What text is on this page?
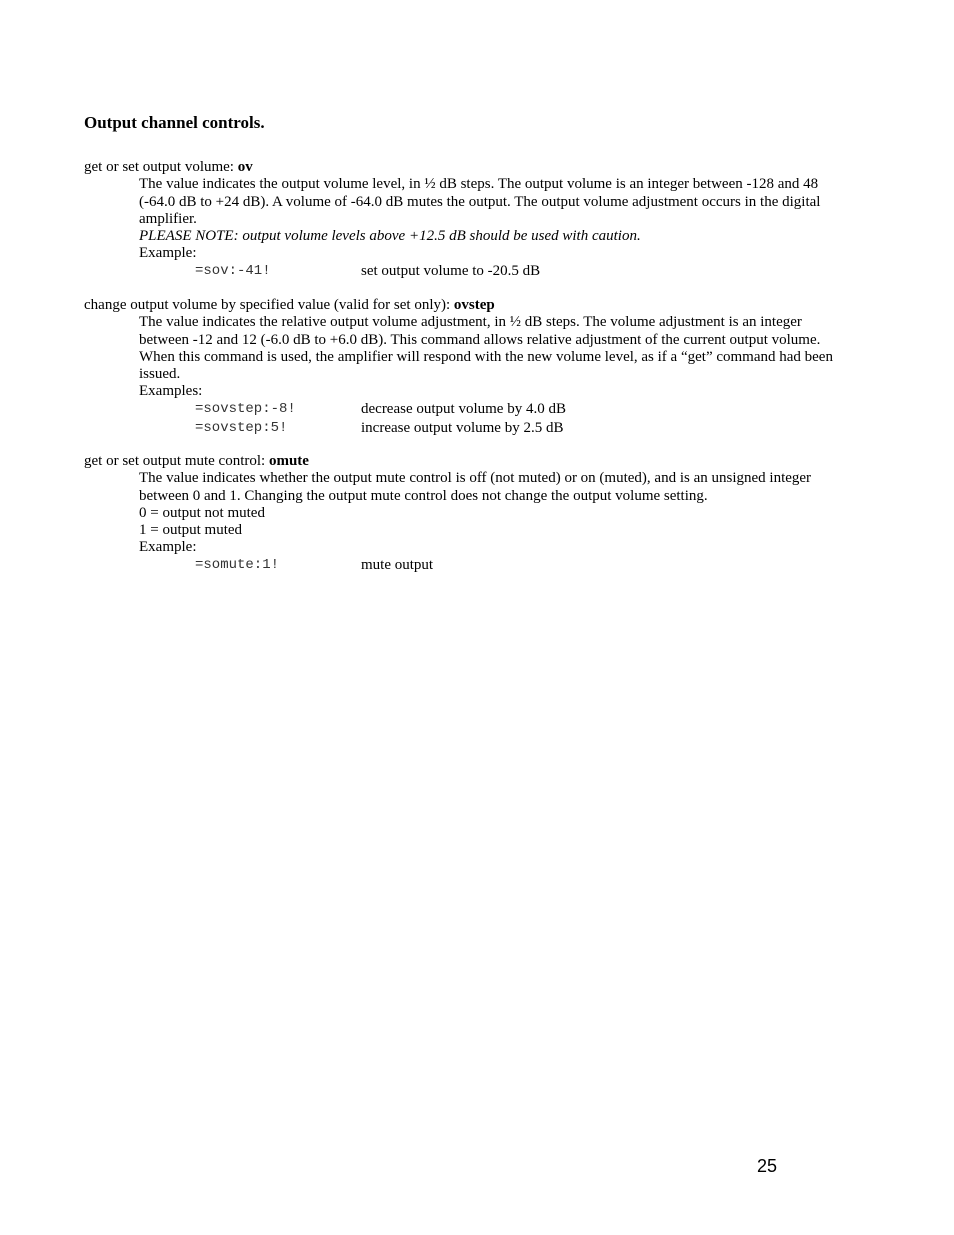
Output channel controls.

get or set output volume: ov

The value indicates the output volume level, in ½ dB steps. The output volume is an integer between -128 and 48

(-64.0 dB to +24 dB). A volume of -64.0 dB mutes the output. The output volume adjustment occurs in the digital

amplifier.

PLEASE NOTE: output volume levels above +12.5 dB should be used with caution.

Example:

=sov:-41!	set output volume to -20.5 dB

change output volume by specified value (valid for set only): ovstep

The value indicates the relative output volume adjustment, in ½ dB steps. The volume adjustment is an integer

between -12 and 12 (-6.0 dB to +6.0 dB). This command allows relative adjustment of the current output volume.

When this command is used, the amplifier will respond with the new volume level, as if a “get” command had been

issued.

Examples:

=sovstep:-8!	decrease output volume by 4.0 dB
=sovstep:5!	increase output volume by 2.5 dB

get or set output mute control: omute

The value indicates whether the output mute control is off (not muted) or on (muted), and is an unsigned integer

between 0 and 1. Changing the output mute control does not change the output volume setting.

0 = output not muted

1 = output muted

Example:

=somute:1!	mute output
25
